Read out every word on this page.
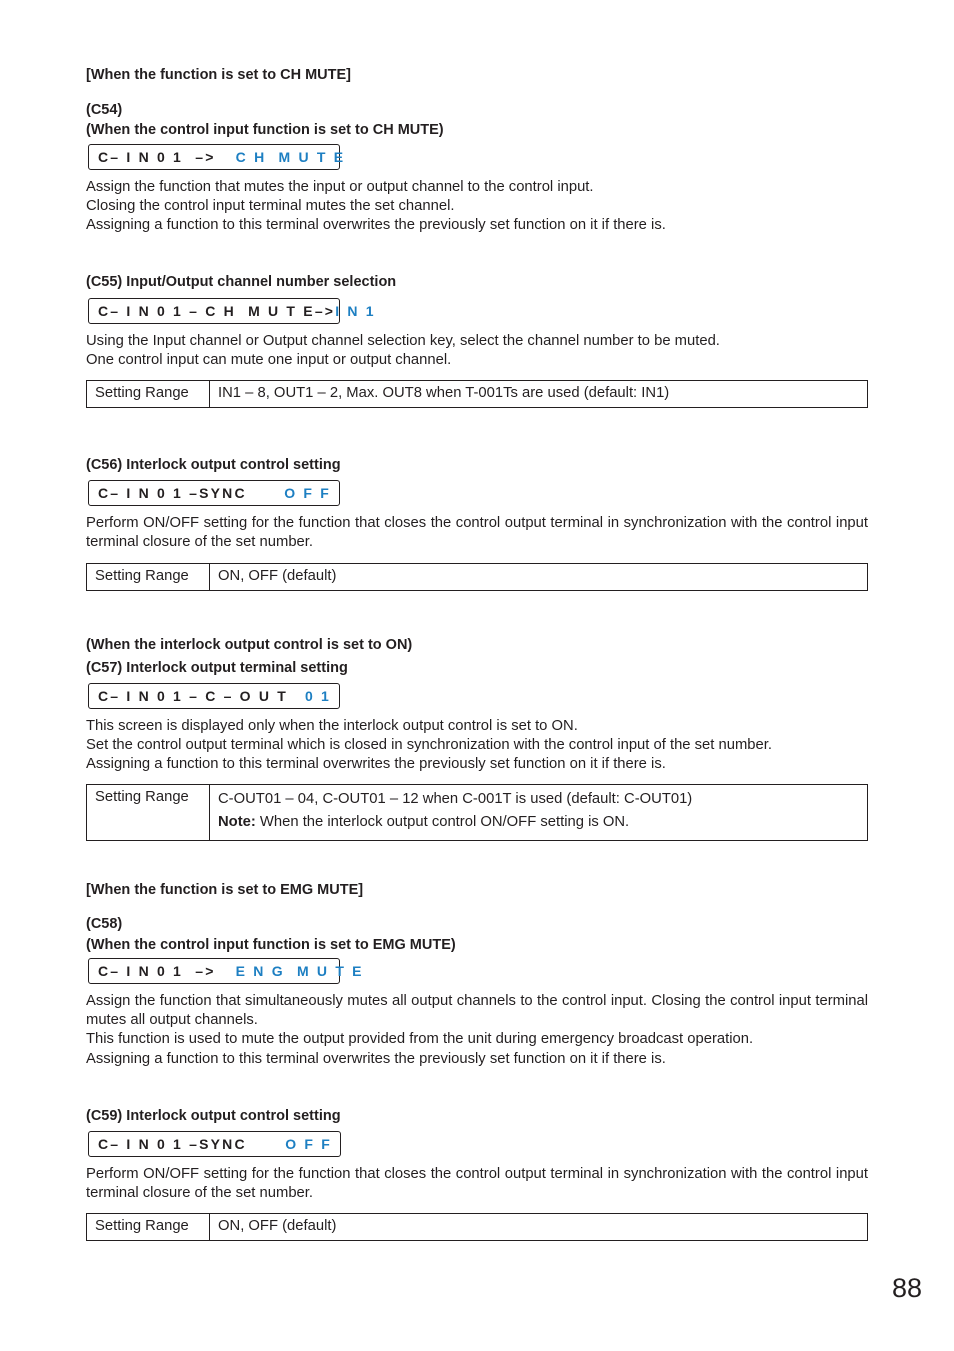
[When the function is set to CH MUTE]
(C54)
(When the control input function is set to CH MUTE)
C– I N 0 1  –> C H  M U T E
Assign the function that mutes the input or output channel to the control input.
Closing the control input terminal mutes the set channel.
Assigning a function to this terminal overwrites the previously set function on it if there is.
(C55) Input/Output channel number selection
C– I N 0 1 – C H  M U T E–>I N 1
Using the Input channel or Output channel selection key, select the channel number to be muted.
One control input can mute one input or output channel.
Setting Range	IN1 – 8, OUT1 – 2, Max. OUT8 when T-001Ts are used (default: IN1)
(C56) Interlock output control setting
C– I N 0 1 –SYNC	O F F
Perform ON/OFF setting for the function that closes the control output terminal in synchronization with the control input terminal closure of the set number.
Setting Range	ON, OFF (default)
(When the interlock output control is set to ON)
(C57) Interlock output terminal setting
C– I N 0 1 – C – O U T 0 1
This screen is displayed only when the interlock output control is set to ON.
Set the control output terminal which is closed in synchronization with the control input of the set number.
Assigning a function to this terminal overwrites the previously set function on it if there is.
Setting Range	C-OUT01 – 04, C-OUT01 – 12 when C-001T is used (default: C-OUT01)
Note: When the interlock output control ON/OFF setting is ON.
[When the function is set to EMG MUTE]
(C58)
(When the control input function is set to EMG MUTE)
C– I N 0 1  –> E N G  M U T E
Assign the function that simultaneously mutes all output channels to the control input. Closing the control input terminal mutes all output channels.
This function is used to mute the output provided from the unit during emergency broadcast operation.
Assigning a function to this terminal overwrites the previously set function on it if there is.
(C59) Interlock output control setting
C– I N 0 1 –SYNC	O F F
Perform ON/OFF setting for the function that closes the control output terminal in synchronization with the control input terminal closure of the set number.
Setting Range	ON, OFF (default)
88
